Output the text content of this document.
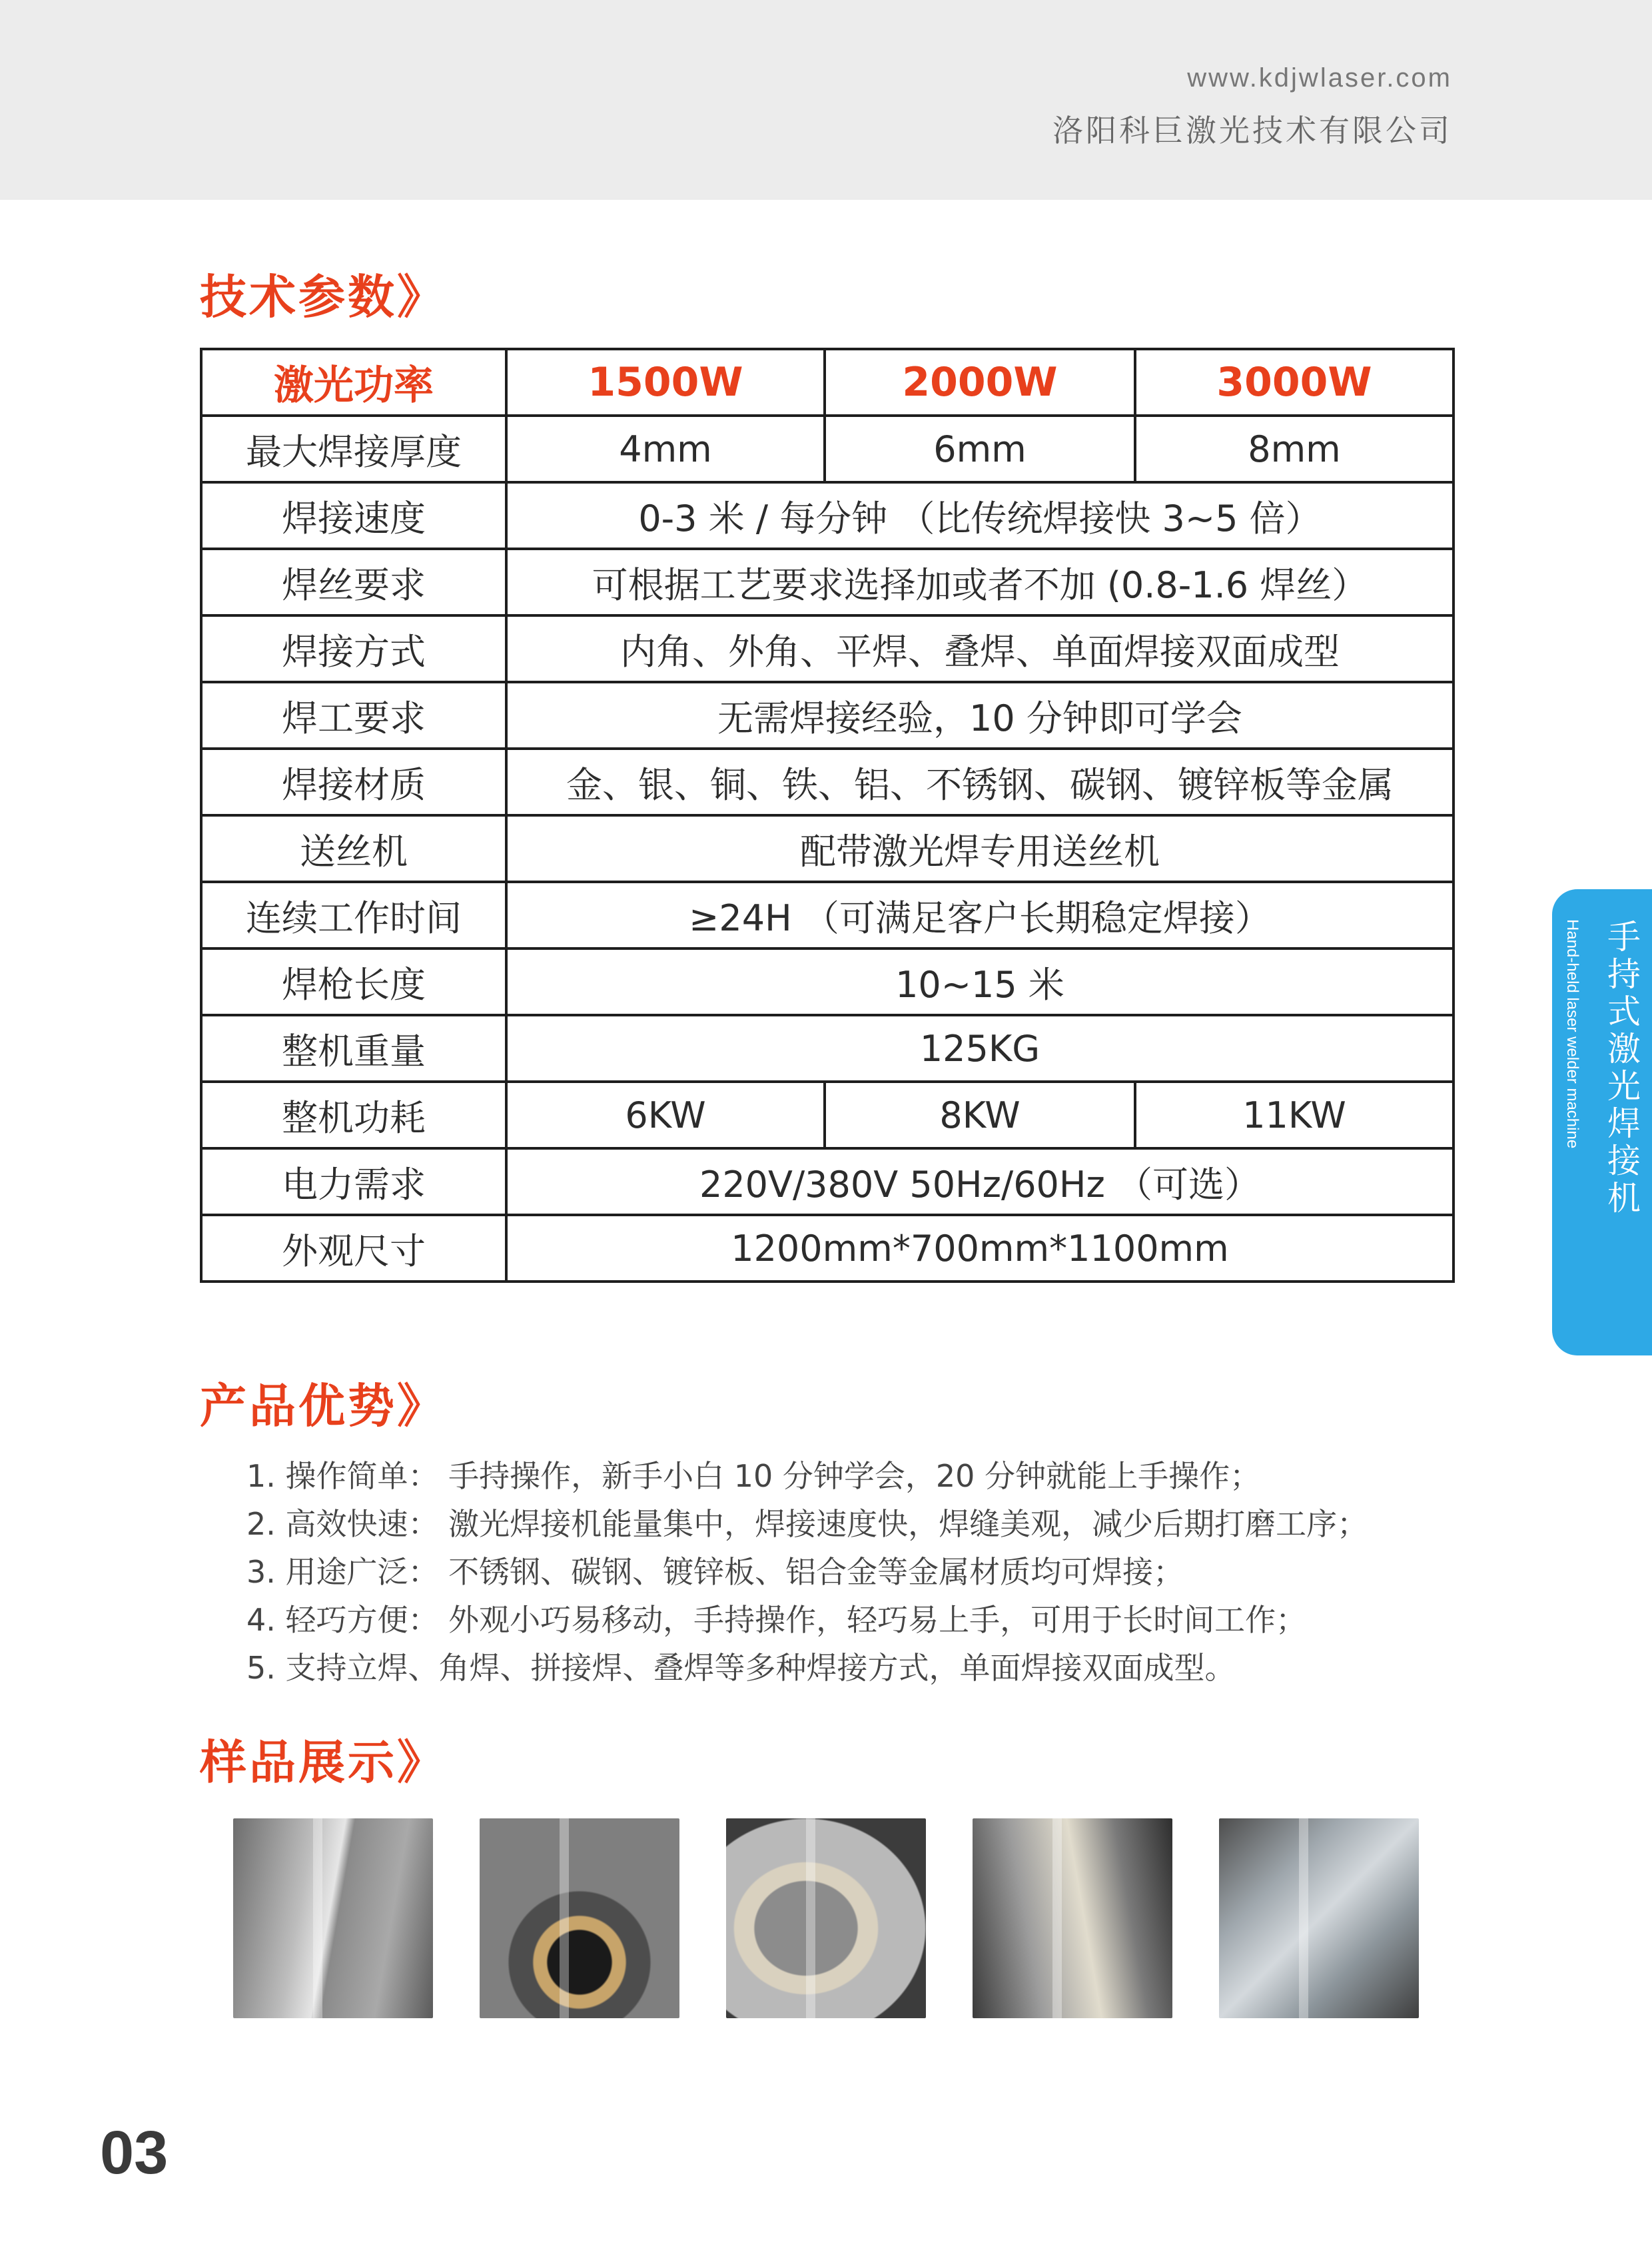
www.kdjwlaser.com
洛阳科巨激光技术有限公司
技术参数》
激光功率	1500W	2000W	3000W
最大焊接厚度	4mm	6mm	8mm
焊接速度	0-3 米 / 每分钟 （比传统焊接快 3~5 倍）		
焊丝要求	可根据工艺要求选择加或者不加 (0.8-1.6 焊丝）		
焊接方式	内角、外角、平焊、叠焊、单面焊接双面成型		
焊工要求	无需焊接经验，10 分钟即可学会		
焊接材质	金、银、铜、铁、铝、不锈钢、碳钢、镀锌板等金属		
送丝机	配带激光焊专用送丝机		
连续工作时间	≥24H （可满足客户长期稳定焊接）		
焊枪长度	10~15 米		
整机重量	125KG		
整机功耗	6KW	8KW	11KW
电力需求	220V/380V 50Hz/60Hz （可选）		
外观尺寸	1200mm*700mm*1100mm		
产品优势》
1. 操作简单： 手持操作，新手小白 10 分钟学会，20 分钟就能上手操作；
2. 高效快速： 激光焊接机能量集中，焊接速度快，焊缝美观，减少后期打磨工序；
3. 用途广泛： 不锈钢、碳钢、镀锌板、铝合金等金属材质均可焊接；
4. 轻巧方便： 外观小巧易移动，手持操作，轻巧易上手，可用于长时间工作；
5. 支持立焊、角焊、拼接焊、叠焊等多种焊接方式，单面焊接双面成型。
样品展示》
手持式激光焊接机
Hand-held laser welder machine
03
